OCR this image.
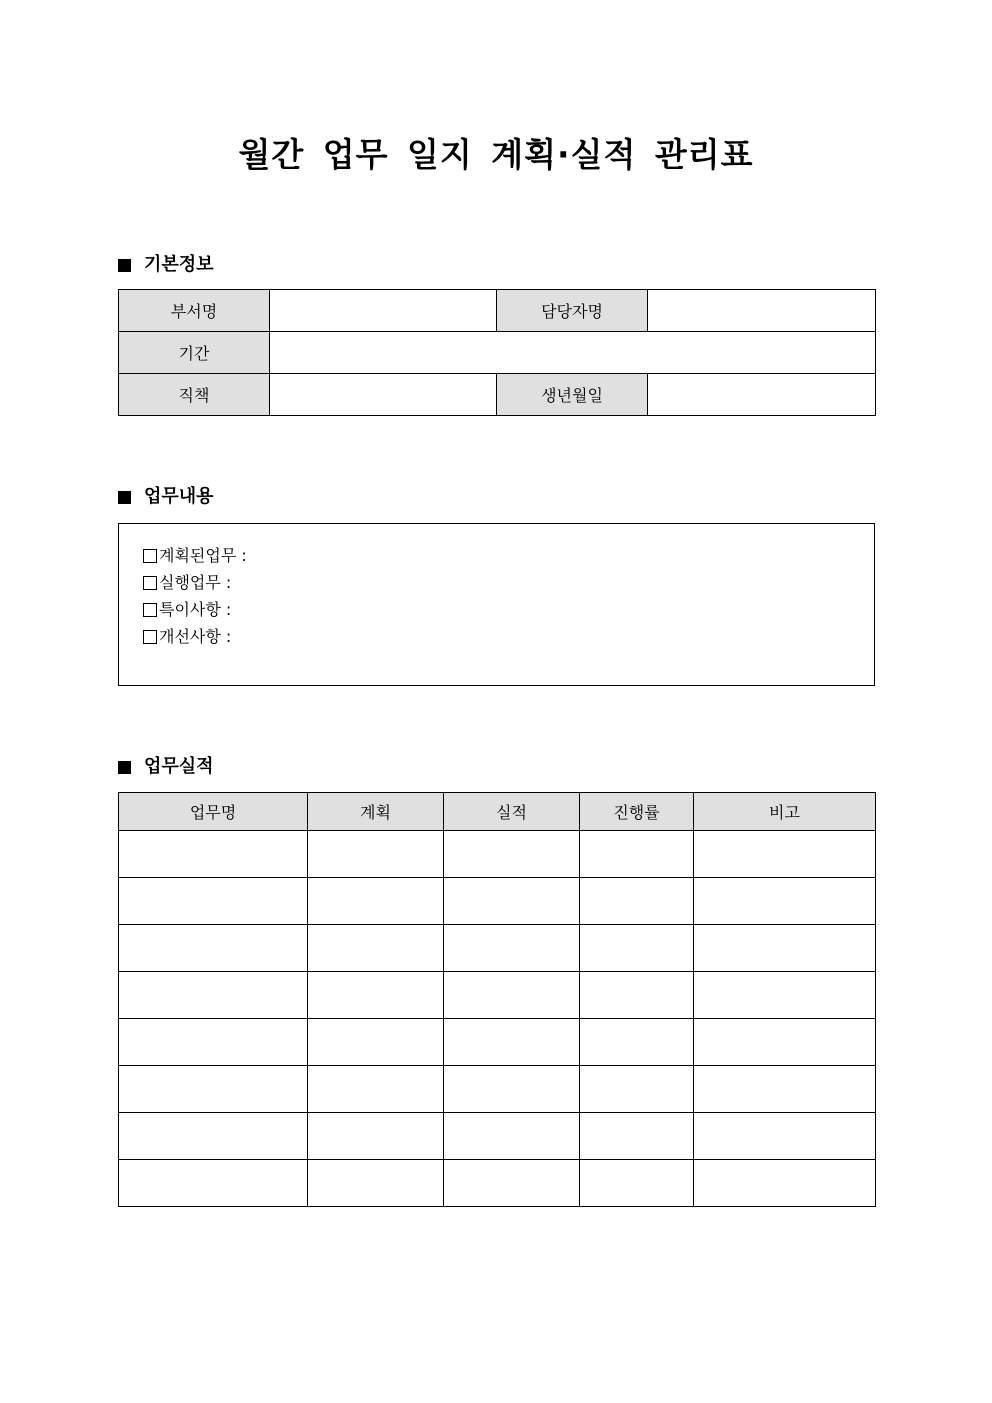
월간 업무 일지 계획·실적 관리표
기본정보
부서명		담당자명	
기간			
직책		생년월일	
업무내용
계획된업무 :
실행업무 :
특이사항 :
개선사항 :
업무실적
업무명	계획	실적	진행률	비고
